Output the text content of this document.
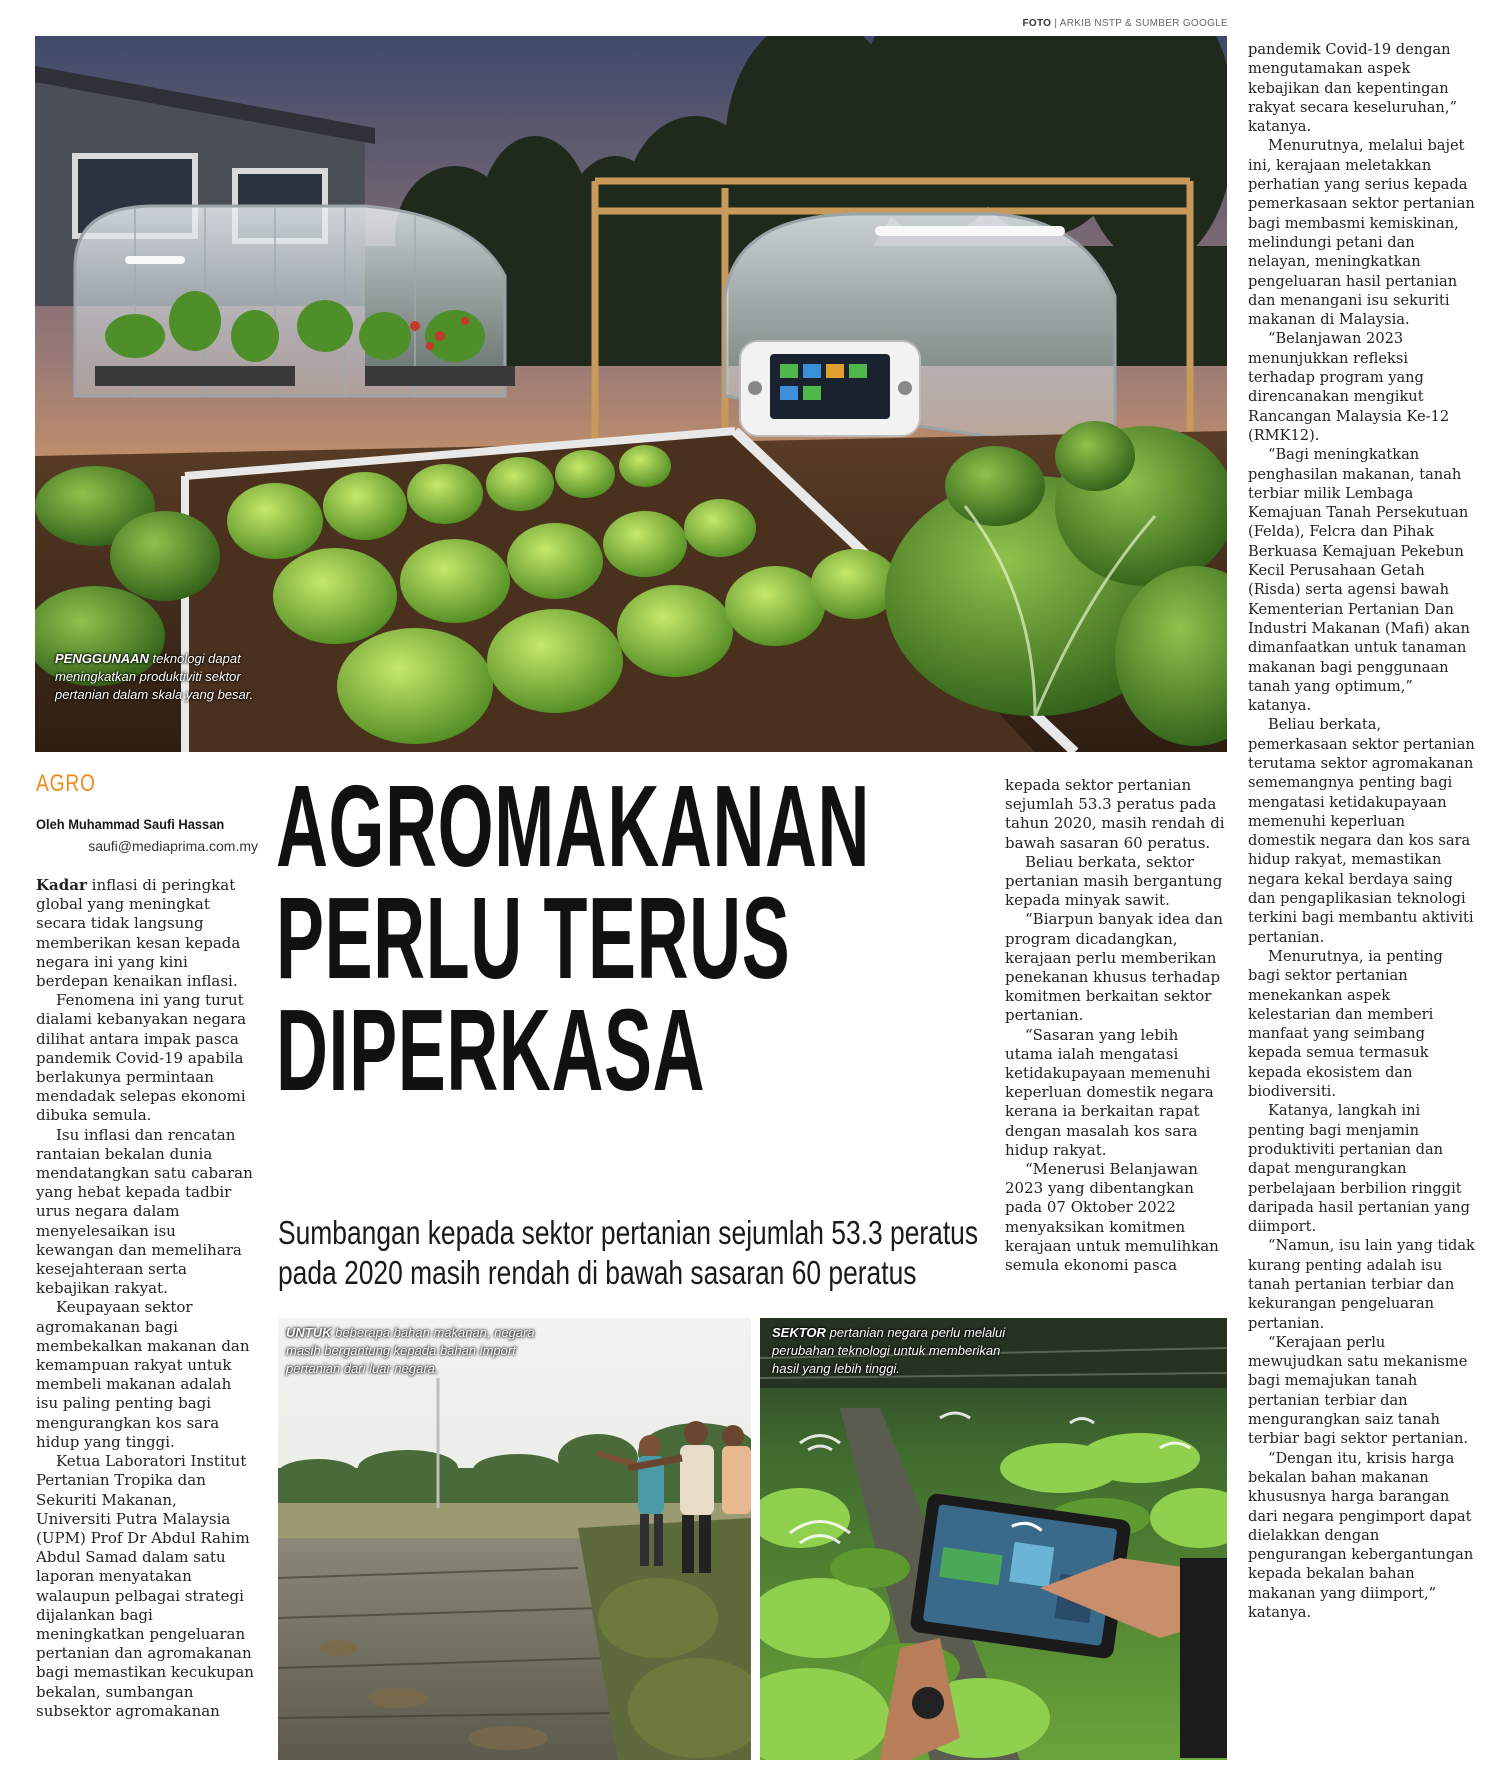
FOTO | ARKIB NSTP & SUMBER GOOGLE
PENGGUNAAN teknologi dapat meningkatkan produktiviti sektor pertanian dalam skala yang besar.
AGRO
Oleh Muhammad Saufi Hassan
saufi@mediaprima.com.my AGROMAKANAN
PERLU TERUS
DIPERKASA
Sumbangan kepada sektor pertanian sejumlah 53.3 peratus
pada 2020 masih rendah di bawah sasaran 60 peratus

Kadar inflasi di peringkat global yang meningkat secara tidak langsung memberikan kesan kepada negara ini yang kini berdepan kenaikan inflasi.

Fenomena ini yang turut dialami kebanyakan negara dilihat antara impak pasca pandemik Covid-19 apabila berlakunya permintaan mendadak selepas ekonomi dibuka semula.

Isu inflasi dan rencatan rantaian bekalan dunia mendatangkan satu cabaran yang hebat kepada tadbir urus negara dalam menyelesaikan isu kewangan dan memelihara kesejahteraan serta kebajikan rakyat.

Keupayaan sektor agromakanan bagi membekalkan makanan dan kemampuan rakyat untuk membeli makanan adalah isu paling penting bagi mengurangkan kos sara hidup yang tinggi.

Ketua Laboratori Institut Pertanian Tropika dan Sekuriti Makanan, Universiti Putra Malaysia (UPM) Prof Dr Abdul Rahim Abdul Samad dalam satu laporan menyatakan walaupun pelbagai strategi dijalankan bagi meningkatkan pengeluaran pertanian dan agromakanan bagi memastikan kecukupan bekalan, sumbangan subsektor agromakanan

kepada sektor pertanian sejumlah 53.3 peratus pada tahun 2020, masih rendah di bawah sasaran 60 peratus.

Beliau berkata, sektor pertanian masih bergantung kepada minyak sawit.

“Biarpun banyak idea dan program dicadangkan, kerajaan perlu memberikan penekanan khusus terhadap komitmen berkaitan sektor pertanian.

“Sasaran yang lebih utama ialah mengatasi ketidakupayaan memenuhi keperluan domestik negara kerana ia berkaitan rapat dengan masalah kos sara hidup rakyat.

“Menerusi Belanjawan 2023 yang dibentangkan pada 07 Oktober 2022 menyaksikan komitmen kerajaan untuk memulihkan semula ekonomi pasca

pandemik Covid-19 dengan mengutamakan aspek kebajikan dan kepentingan rakyat secara keseluruhan,” katanya.

Menurutnya, melalui bajet ini, kerajaan meletakkan perhatian yang serius kepada pemerkasaan sektor pertanian bagi membasmi kemiskinan, melindungi petani dan nelayan, meningkatkan pengeluaran hasil pertanian dan menangani isu sekuriti makanan di Malaysia.

“Belanjawan 2023 menunjukkan refleksi terhadap program yang direncanakan mengikut Rancangan Malaysia Ke-12 (RMK12).

“Bagi meningkatkan penghasilan makanan, tanah terbiar milik Lembaga Kemajuan Tanah Persekutuan (Felda), Felcra dan Pihak Berkuasa Kemajuan Pekebun Kecil Perusahaan Getah (Risda) serta agensi bawah Kementerian Pertanian Dan Industri Makanan (Mafi) akan dimanfaatkan untuk tanaman makanan bagi penggunaan tanah yang optimum,” katanya.

Beliau berkata, pemerkasaan sektor pertanian terutama sektor agromakanan sememangnya penting bagi mengatasi ketidakupayaan memenuhi keperluan domestik negara dan kos sara hidup rakyat, memastikan negara kekal berdaya saing dan pengaplikasian teknologi terkini bagi membantu aktiviti pertanian.

Menurutnya, ia penting bagi sektor pertanian menekankan aspek kelestarian dan memberi manfaat yang seimbang kepada semua termasuk kepada ekosistem dan biodiversiti.

Katanya, langkah ini penting bagi menjamin produktiviti pertanian dan dapat mengurangkan perbelajaan berbilion ringgit daripada hasil pertanian yang diimport.

“Namun, isu lain yang tidak kurang penting adalah isu tanah pertanian terbiar dan kekurangan pengeluaran pertanian.

“Kerajaan perlu mewujudkan satu mekanisme bagi memajukan tanah pertanian terbiar dan mengurangkan saiz tanah terbiar bagi sektor pertanian.

“Dengan itu, krisis harga bekalan bahan makanan khususnya harga barangan dari negara pengimport dapat dielakkan dengan pengurangan kebergantungan kepada bekalan bahan makanan yang diimport,” katanya.

UNTUK beberapa bahan makanan, negara masih bergantung kepada bahan import pertanian dari luar negara.
SEKTOR pertanian negara perlu melalui perubahan teknologi untuk memberikan hasil yang lebih tinggi.
